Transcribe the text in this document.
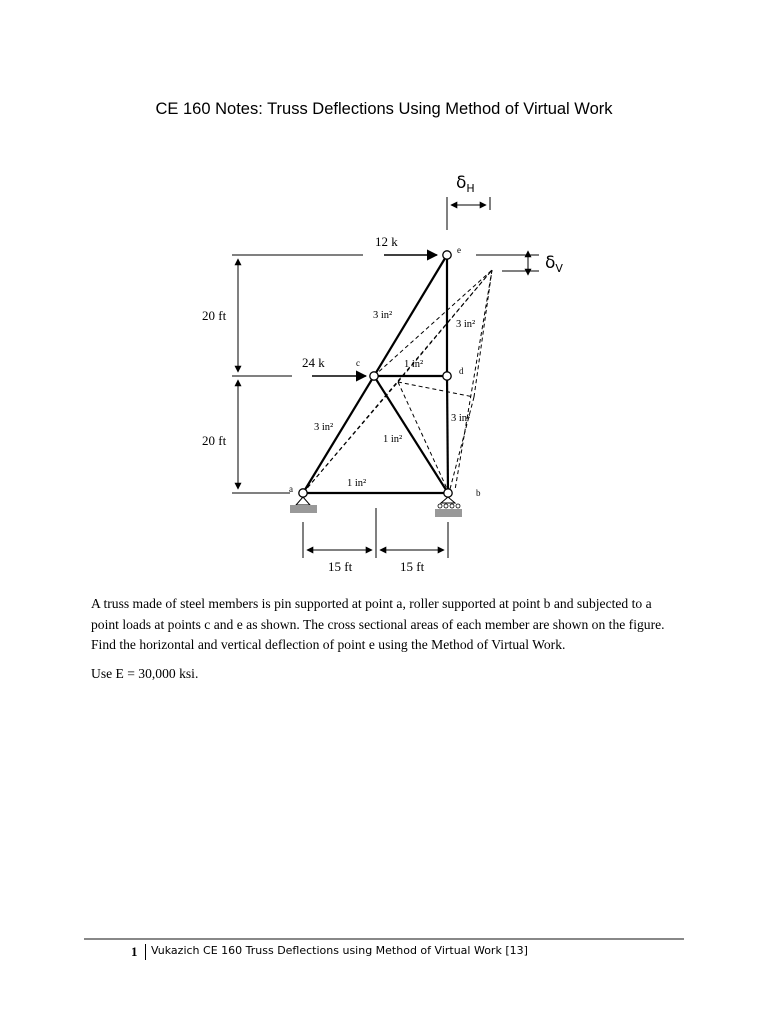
CE 160 Notes: Truss Deflections Using Method of Virtual Work
12 k
24 k
20 ft
20 ft
15 ft	15 ft
e
c
d
a	b
3 in²
3 in²
1 in²
3 in²
3 in²
1 in²
1 in²
$\delta_H$
$\delta_V$

A truss made of steel members is pin supported at point a, roller supported at point b and subjected to a point loads at points c and e as shown. The cross sectional areas of each member are shown on the figure. Find the horizontal and vertical deflection of point e using the Method of Virtual Work.

Use E = 30,000 ksi.

1 Vukazich CE 160 Truss Deflections using Method of Virtual Work [13]
